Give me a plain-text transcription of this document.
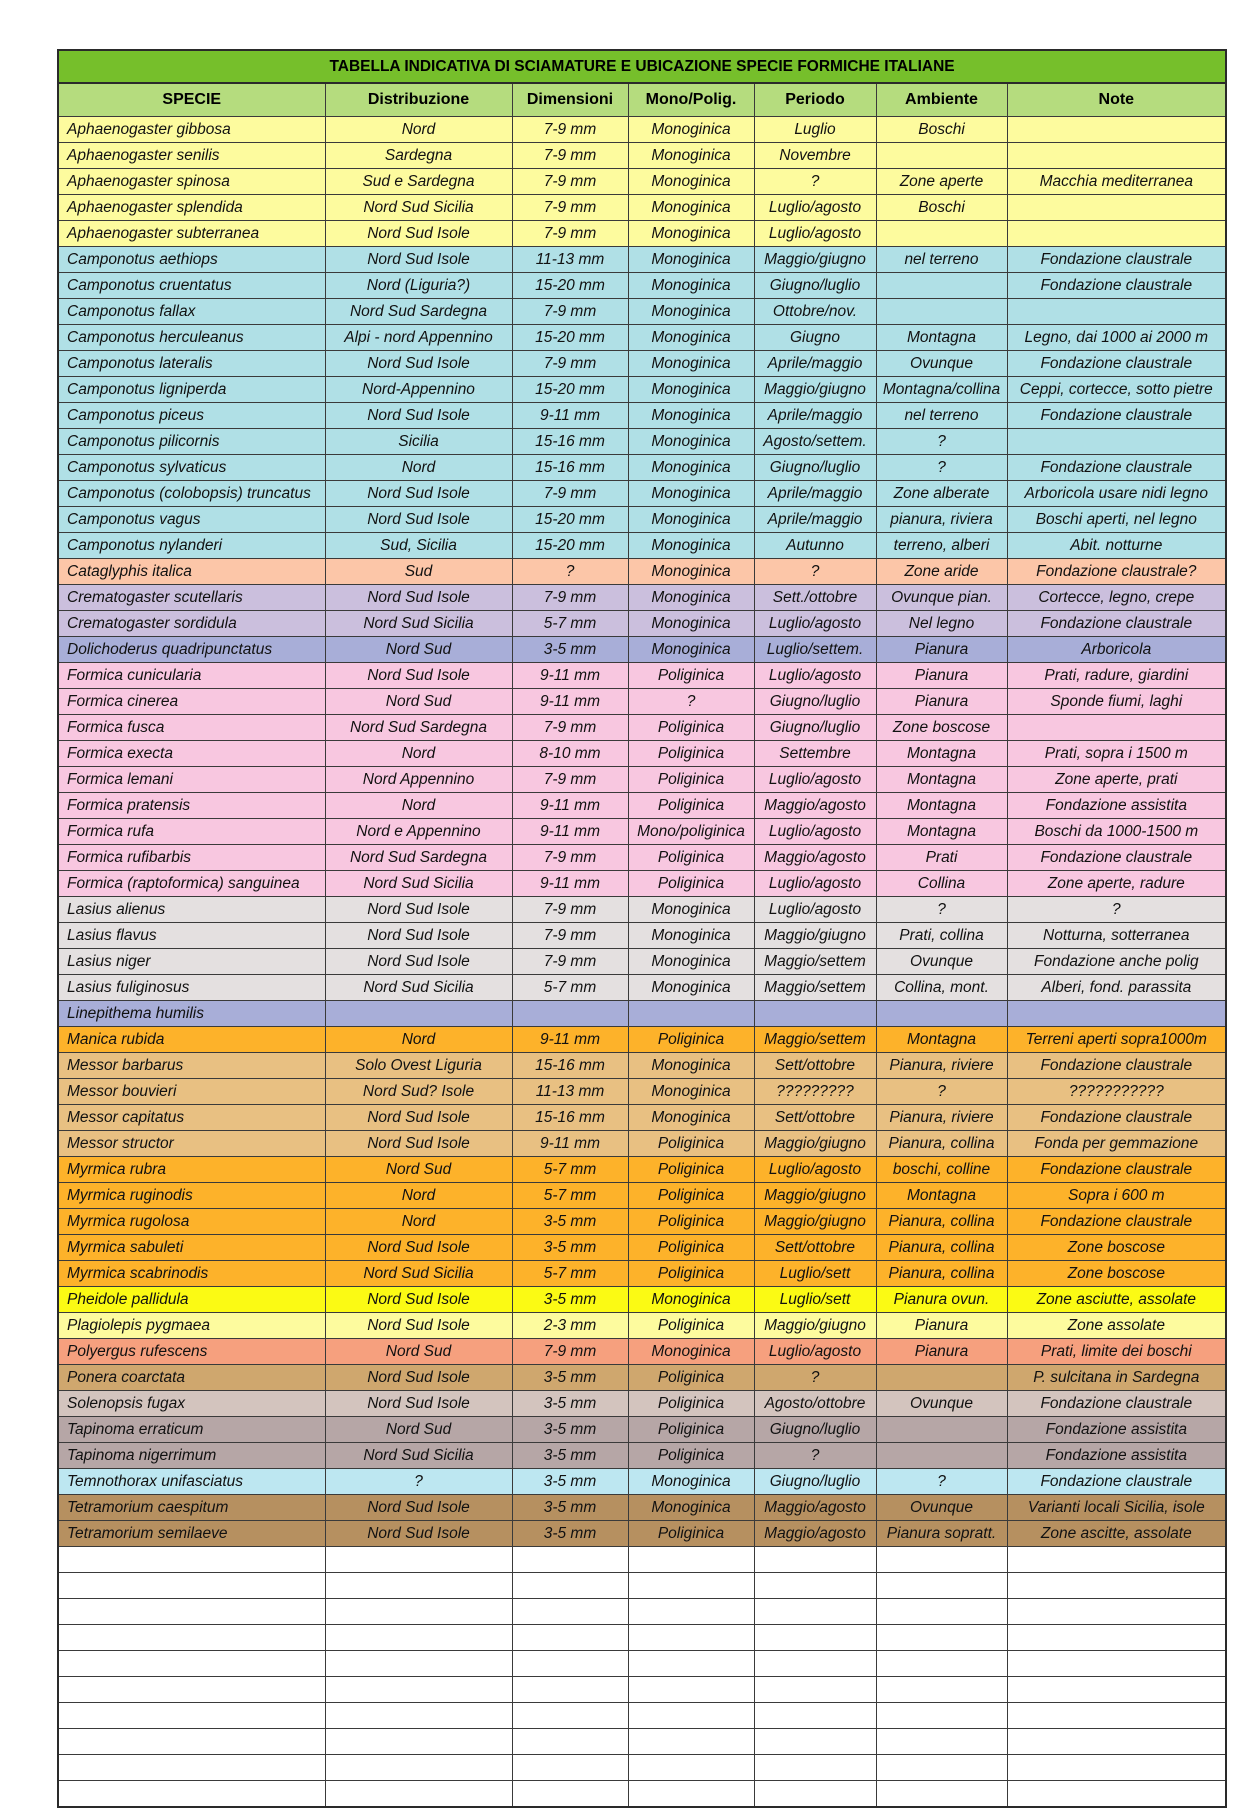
TABELLA INDICATIVA DI SCIAMATURE E UBICAZIONE SPECIE FORMICHE ITALIANE						
SPECIE	Distribuzione	Dimensioni	Mono/Polig.	Periodo	Ambiente	Note
Aphaenogaster gibbosa	Nord	7-9 mm	Monoginica	Luglio	Boschi	
Aphaenogaster senilis	Sardegna	7-9 mm	Monoginica	Novembre		
Aphaenogaster spinosa	Sud e Sardegna	7-9 mm	Monoginica	?	Zone aperte	Macchia mediterranea
Aphaenogaster splendida	Nord Sud Sicilia	7-9 mm	Monoginica	Luglio/agosto	Boschi	
Aphaenogaster subterranea	Nord Sud Isole	7-9 mm	Monoginica	Luglio/agosto		
Camponotus aethiops	Nord Sud Isole	11-13 mm	Monoginica	Maggio/giugno	nel terreno	Fondazione claustrale
Camponotus cruentatus	Nord (Liguria?)	15-20 mm	Monoginica	Giugno/luglio		Fondazione claustrale
Camponotus fallax	Nord Sud Sardegna	7-9 mm	Monoginica	Ottobre/nov.		
Camponotus herculeanus	Alpi - nord Appennino	15-20 mm	Monoginica	Giugno	Montagna	Legno, dai 1000 ai 2000 m
Camponotus lateralis	Nord Sud Isole	7-9 mm	Monoginica	Aprile/maggio	Ovunque	Fondazione claustrale
Camponotus ligniperda	Nord-Appennino	15-20 mm	Monoginica	Maggio/giugno	Montagna/collina	Ceppi, cortecce, sotto pietre
Camponotus piceus	Nord Sud Isole	9-11 mm	Monoginica	Aprile/maggio	nel terreno	Fondazione claustrale
Camponotus pilicornis	Sicilia	15-16 mm	Monoginica	Agosto/settem.	?	
Camponotus sylvaticus	Nord	15-16 mm	Monoginica	Giugno/luglio	?	Fondazione claustrale
Camponotus (colobopsis) truncatus	Nord Sud Isole	7-9 mm	Monoginica	Aprile/maggio	Zone alberate	Arboricola usare nidi legno
Camponotus vagus	Nord Sud Isole	15-20 mm	Monoginica	Aprile/maggio	pianura, riviera	Boschi aperti, nel legno
Camponotus nylanderi	Sud, Sicilia	15-20 mm	Monoginica	Autunno	terreno, alberi	Abit. notturne
Cataglyphis italica	Sud	?	Monoginica	?	Zone aride	Fondazione claustrale?
Crematogaster scutellaris	Nord Sud Isole	7-9 mm	Monoginica	Sett./ottobre	Ovunque pian.	Cortecce, legno, crepe
Crematogaster sordidula	Nord Sud Sicilia	5-7 mm	Monoginica	Luglio/agosto	Nel legno	Fondazione claustrale
Dolichoderus quadripunctatus	Nord Sud	3-5 mm	Monoginica	Luglio/settem.	Pianura	Arboricola
Formica cunicularia	Nord Sud Isole	9-11 mm	Poliginica	Luglio/agosto	Pianura	Prati, radure, giardini
Formica cinerea	Nord Sud	9-11 mm	?	Giugno/luglio	Pianura	Sponde fiumi, laghi
Formica fusca	Nord Sud Sardegna	7-9 mm	Poliginica	Giugno/luglio	Zone boscose	
Formica execta	Nord	8-10 mm	Poliginica	Settembre	Montagna	Prati, sopra i 1500 m
Formica lemani	Nord Appennino	7-9 mm	Poliginica	Luglio/agosto	Montagna	Zone aperte, prati
Formica pratensis	Nord	9-11 mm	Poliginica	Maggio/agosto	Montagna	Fondazione assistita
Formica rufa	Nord e Appennino	9-11 mm	Mono/poliginica	Luglio/agosto	Montagna	Boschi da 1000-1500 m
Formica rufibarbis	Nord Sud Sardegna	7-9 mm	Poliginica	Maggio/agosto	Prati	Fondazione claustrale
Formica (raptoformica) sanguinea	Nord Sud Sicilia	9-11 mm	Poliginica	Luglio/agosto	Collina	Zone aperte, radure
Lasius alienus	Nord Sud Isole	7-9 mm	Monoginica	Luglio/agosto	?	?
Lasius flavus	Nord Sud Isole	7-9 mm	Monoginica	Maggio/giugno	Prati, collina	Notturna, sotterranea
Lasius niger	Nord Sud Isole	7-9 mm	Monoginica	Maggio/settem	Ovunque	Fondazione anche polig
Lasius fuliginosus	Nord Sud Sicilia	5-7 mm	Monoginica	Maggio/settem	Collina, mont.	Alberi, fond. parassita
Linepithema humilis						
Manica rubida	Nord	9-11 mm	Poliginica	Maggio/settem	Montagna	Terreni aperti sopra1000m
Messor barbarus	Solo Ovest Liguria	15-16 mm	Monoginica	Sett/ottobre	Pianura, riviere	Fondazione claustrale
Messor bouvieri	Nord Sud? Isole	11-13 mm	Monoginica	?????????	?	???????????
Messor capitatus	Nord Sud Isole	15-16 mm	Monoginica	Sett/ottobre	Pianura, riviere	Fondazione claustrale
Messor structor	Nord Sud Isole	9-11 mm	Poliginica	Maggio/giugno	Pianura, collina	Fonda per gemmazione
Myrmica rubra	Nord Sud	5-7 mm	Poliginica	Luglio/agosto	boschi, colline	Fondazione claustrale
Myrmica ruginodis	Nord	5-7 mm	Poliginica	Maggio/giugno	Montagna	Sopra i 600 m
Myrmica rugolosa	Nord	3-5 mm	Poliginica	Maggio/giugno	Pianura, collina	Fondazione claustrale
Myrmica sabuleti	Nord Sud Isole	3-5 mm	Poliginica	Sett/ottobre	Pianura, collina	Zone boscose
Myrmica scabrinodis	Nord Sud Sicilia	5-7 mm	Poliginica	Luglio/sett	Pianura, collina	Zone boscose
Pheidole pallidula	Nord Sud Isole	3-5 mm	Monoginica	Luglio/sett	Pianura ovun.	Zone asciutte, assolate
Plagiolepis pygmaea	Nord Sud Isole	2-3 mm	Poliginica	Maggio/giugno	Pianura	Zone assolate
Polyergus rufescens	Nord Sud	7-9 mm	Monoginica	Luglio/agosto	Pianura	Prati, limite dei boschi
Ponera coarctata	Nord Sud Isole	3-5 mm	Poliginica	?		P. sulcitana in Sardegna
Solenopsis fugax	Nord Sud Isole	3-5 mm	Poliginica	Agosto/ottobre	Ovunque	Fondazione claustrale
Tapinoma erraticum	Nord Sud	3-5 mm	Poliginica	Giugno/luglio		Fondazione assistita
Tapinoma nigerrimum	Nord Sud Sicilia	3-5 mm	Poliginica	?		Fondazione assistita
Temnothorax unifasciatus	?	3-5 mm	Monoginica	Giugno/luglio	?	Fondazione claustrale
Tetramorium caespitum	Nord Sud Isole	3-5 mm	Monoginica	Maggio/agosto	Ovunque	Varianti locali Sicilia, isole
Tetramorium semilaeve	Nord Sud Isole	3-5 mm	Poliginica	Maggio/agosto	Pianura sopratt.	Zone ascitte, assolate
